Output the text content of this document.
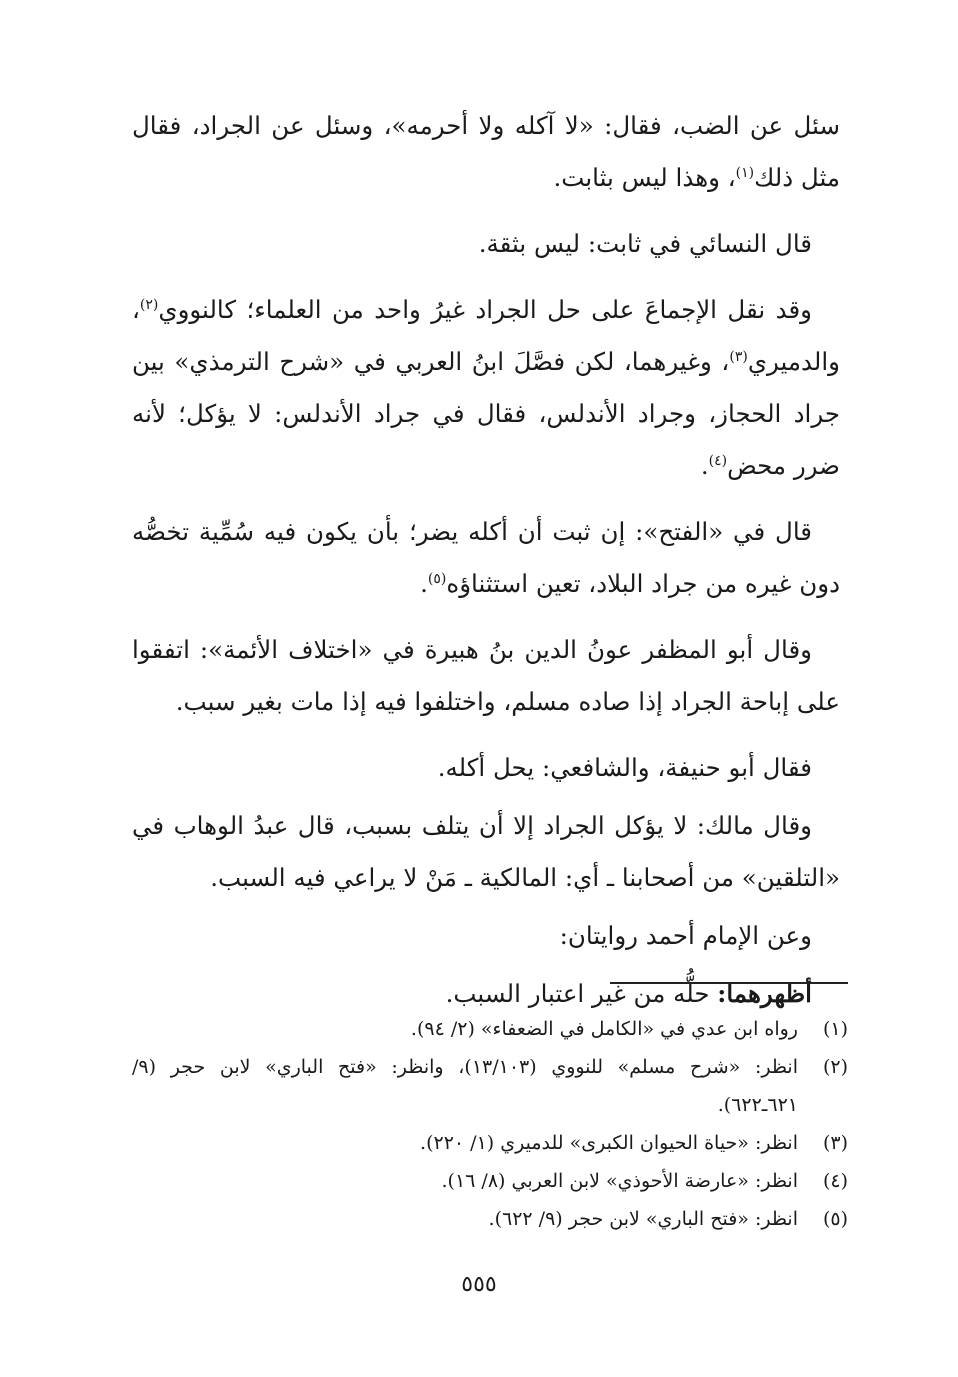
سئل عن الضب، فقال: «لا آكله ولا أحرمه»، وسئل عن الجراد، فقال مثل ذلك$^{(١)}$، وهذا ليس بثابت.

قال النسائي في ثابت: ليس بثقة.

وقد نقل الإجماعَ على حل الجراد غيرُ واحد من العلماء؛ كالنووي$^{(٢)}$، والدميري$^{(٣)}$، وغيرهما، لكن فصَّلَ ابنُ العربي في «شرح الترمذي» بين جراد الحجاز، وجراد الأندلس، فقال في جراد الأندلس: لا يؤكل؛ لأنه ضرر محض$^{(٤)}$.

قال في «الفتح»: إن ثبت أن أكله يضر؛ بأن يكون فيه سُمِّية تخصُّه دون غيره من جراد البلاد، تعين استثناؤه$^{(٥)}$.

وقال أبو المظفر عونُ الدين بنُ هبيرة في «اختلاف الأئمة»: اتفقوا على إباحة الجراد إذا صاده مسلم، واختلفوا فيه إذا مات بغير سبب.

فقال أبو حنيفة، والشافعي: يحل أكله.

وقال مالك: لا يؤكل الجراد إلا أن يتلف بسبب، قال عبدُ الوهاب في «التلقين» من أصحابنا ـ أي: المالكية ـ مَنْ لا يراعي فيه السبب.

وعن الإمام أحمد روايتان:

أظهرهما: حلُّه من غير اعتبار السبب.

(١)
رواه ابن عدي في «الكامل في الضعفاء» (٢/ ٩٤).
(٢)
انظر: «شرح مسلم» للنووي (١٣/١٠٣)، وانظر: «فتح الباري» لابن حجر (٩/ ٦٢١ـ٦٢٢).
(٣)
انظر: «حياة الحيوان الكبرى» للدميري (١/ ٢٢٠).
(٤)
انظر: «عارضة الأحوذي» لابن العربي (٨/ ١٦).
(٥)
انظر: «فتح الباري» لابن حجر (٩/ ٦٢٢).
٥٥٥
